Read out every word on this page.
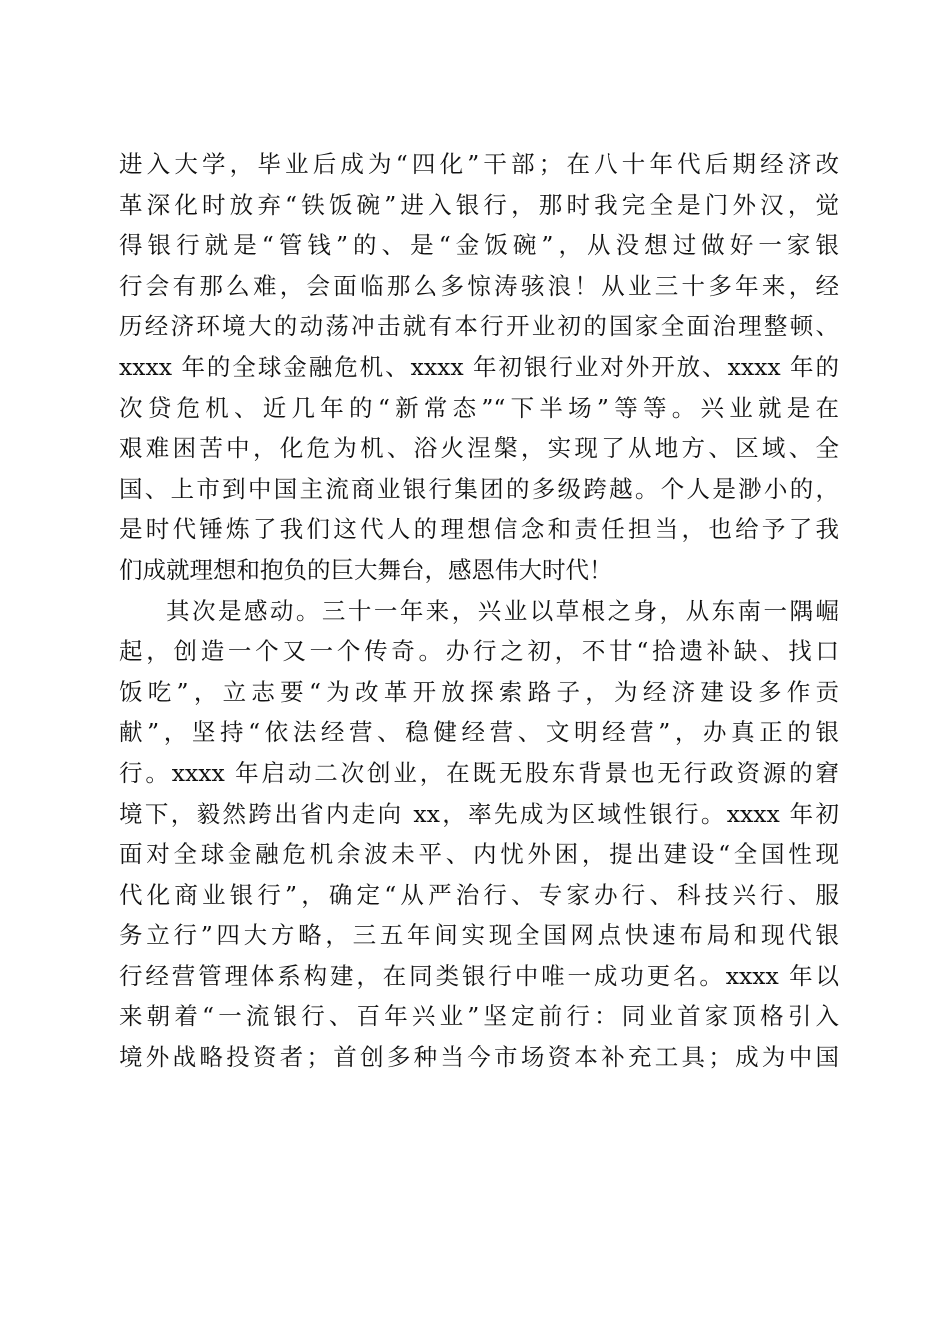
进入大学，毕业后成为“四化”干部；在八十年代后期经济改
革深化时放弃“铁饭碗”进入银行，那时我完全是门外汉，觉
得银行就是“管钱”的、是“金饭碗”，从没想过做好一家银
行会有那么难，会面临那么多惊涛骇浪！从业三十多年来，经
历经济环境大的动荡冲击就有本行开业初的国家全面治理整顿、
xxxx 年的全球金融危机、xxxx 年初银行业对外开放、xxxx 年的
次贷危机、近几年的“新常态”“下半场”等等。兴业就是在
艰难困苦中，化危为机、浴火涅槃，实现了从地方、区域、全
国、上市到中国主流商业银行集团的多级跨越。个人是渺小的，
是时代锤炼了我们这代人的理想信念和责任担当，也给予了我
们成就理想和抱负的巨大舞台，感恩伟大时代！
其次是感动。三十一年来，兴业以草根之身，从东南一隅崛
起，创造一个又一个传奇。办行之初，不甘“拾遗补缺、找口
饭吃”，立志要“为改革开放探索路子，为经济建设多作贡
献”，坚持“依法经营、稳健经营、文明经营”，办真正的银
行。xxxx 年启动二次创业，在既无股东背景也无行政资源的窘
境下，毅然跨出省内走向 xx，率先成为区域性银行。xxxx 年初
面对全球金融危机余波未平、内忧外困，提出建设“全国性现
代化商业银行”，确定“从严治行、专家办行、科技兴行、服
务立行”四大方略，三五年间实现全国网点快速布局和现代银
行经营管理体系构建，在同类银行中唯一成功更名。xxxx 年以
来朝着“一流银行、百年兴业”坚定前行：同业首家顶格引入
境外战略投资者；首创多种当今市场资本补充工具；成为中国
